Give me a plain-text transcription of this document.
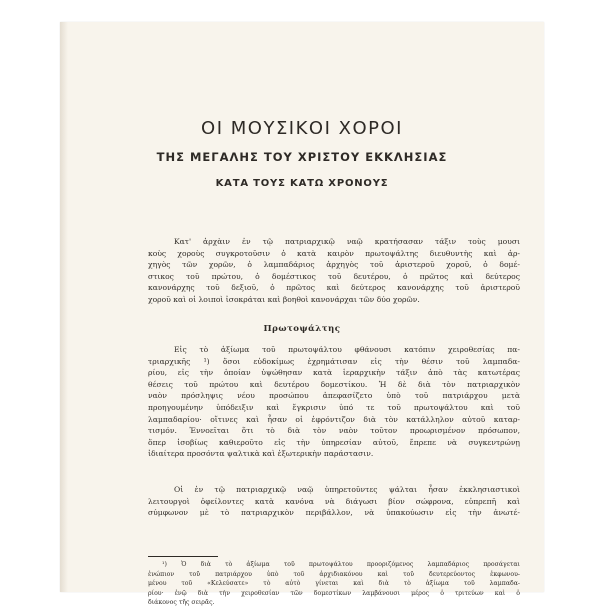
ΟΙ ΜΟΥΣΙΚΟΙ ΧΟΡΟΙ
ΤΗΣ ΜΕΓΑΛΗΣ ΤΟΥ ΧΡΙΣΤΟΥ ΕΚΚΛΗΣΙΑΣ
ΚΑΤΑ ΤΟΥΣ ΚΑΤΩ ΧΡΟΝΟΥΣ
Κατ' ἀρχὰιν ἐν τῷ πατριαρχικῷ ναῷ κρατήσασαν τάξιν τοὺς μουσι
κοὺς χοροὺς συγκροτοῦσιν ὁ κατὰ καιρὸν πρωτοψάλτης διευθυντὴς καὶ ἀρ-
χηγὸς τῶν χορῶν, ὁ λαμπαδάριος ἀρχηγὸς τοῦ ἀριστεροῦ χοροῦ, ὁ δομέ-
στικος τοῦ πρώτου, ὁ δομέστικος τοῦ δευτέρου, ὁ πρῶτος καὶ δεύτερος
κανονάρχης τοῦ δεξιοῦ, ὁ πρῶτος καὶ δεύτερος κανονάρχης τοῦ ἀριστεροῦ
χοροῦ καὶ οἱ λοιποὶ ἰσοκράται καὶ βοηθοὶ κανονάρχαι τῶν δύο χορῶν.
Πρωτοψάλτης
Εἰς τὸ ἀξίωμα τοῦ πρωτοψάλτου φθάνουσι κατόπιν χειροθεσίας πα-
τριαρχικῆς ¹) ὅσοι εὐδοκίμως ἐχρημάτισαν εἰς τὴν θέσιν τοῦ λαμπαδα-
ρίου, εἰς τὴν ὁποίαν ὑψώθησαν κατὰ ἱεραρχικὴν τάξιν ἀπὸ τὰς κατωτέρας
θέσεις τοῦ πρώτου καὶ δευτέρου δομεστίκου. Ἡ δὲ διὰ τὸν πατριαρχικὸν
ναὸν πρόσληψις νέου προσώπου ἀπεφασίζετο ὑπὸ τοῦ πατριάρχου μετὰ
προηγουμένην ὑπόδειξιν καὶ ἔγκρισιν ὑπό τε τοῦ πρωτοψάλτου καὶ τοῦ
λαμπαδαρίου· οἵτινες καὶ ἦσαν οἱ ἐφρόντιζον διὰ τὸν κατάλληλον αὐτοῦ καταρ-
τισμόν. Ἐννοεῖται ὅτι τὸ διὰ τὸν ναὸν τοῦτον προωρισμένον πρόσωπον,
ὅπερ ἰσοβίως καθιεροῦτο εἰς τὴν ὑπηρεσίαν αὐτοῦ, ἔπρεπε νὰ συγκεντρώνῃ
ἰδιαίτερα προσόντα ψαλτικὰ καὶ ἐξωτερικὴν παράστασιν.
Οἱ ἐν τῷ πατριαρχικῷ ναῷ ὑπηρετοῦντες ψάλται ἦσαν ἐκκλησιαστικοὶ
λειτουργοὶ ὀφείλοντες κατὰ κανόνα νὰ διάγωσι βίον σώφρονα, εὐπρεπῆ καὶ
σύμφωνον μὲ τὸ πατριαρχικὸν περιβάλλον, νὰ ὑπακούωσιν εἰς τὴν ἀνωτέ-
¹) Ὁ διὰ τὸ ἀξίωμα τοῦ πρωτοψάλτου προοριζόμενος λαμπαδάριος προσάγεται
ἐνώπιον τοῦ πατριάρχου ὑπὸ τοῦ ἀρχιδιακόνου καὶ τοῦ δευτερεύοντος ἐκφωνου-
μένου τοῦ «Κελεύσατε» τὸ αὐτὸ γίνεται καὶ διὰ τὸ ἀξίωμα τοῦ λαμπαδα-
ρίου· ἐνῷ διὰ τὴν χειροθεσίαν τῶν δομεστίκων λαμβάνουσι μέρος ὁ τριτεύων καὶ ὁ
διάκονος τῆς σειρᾶς.
